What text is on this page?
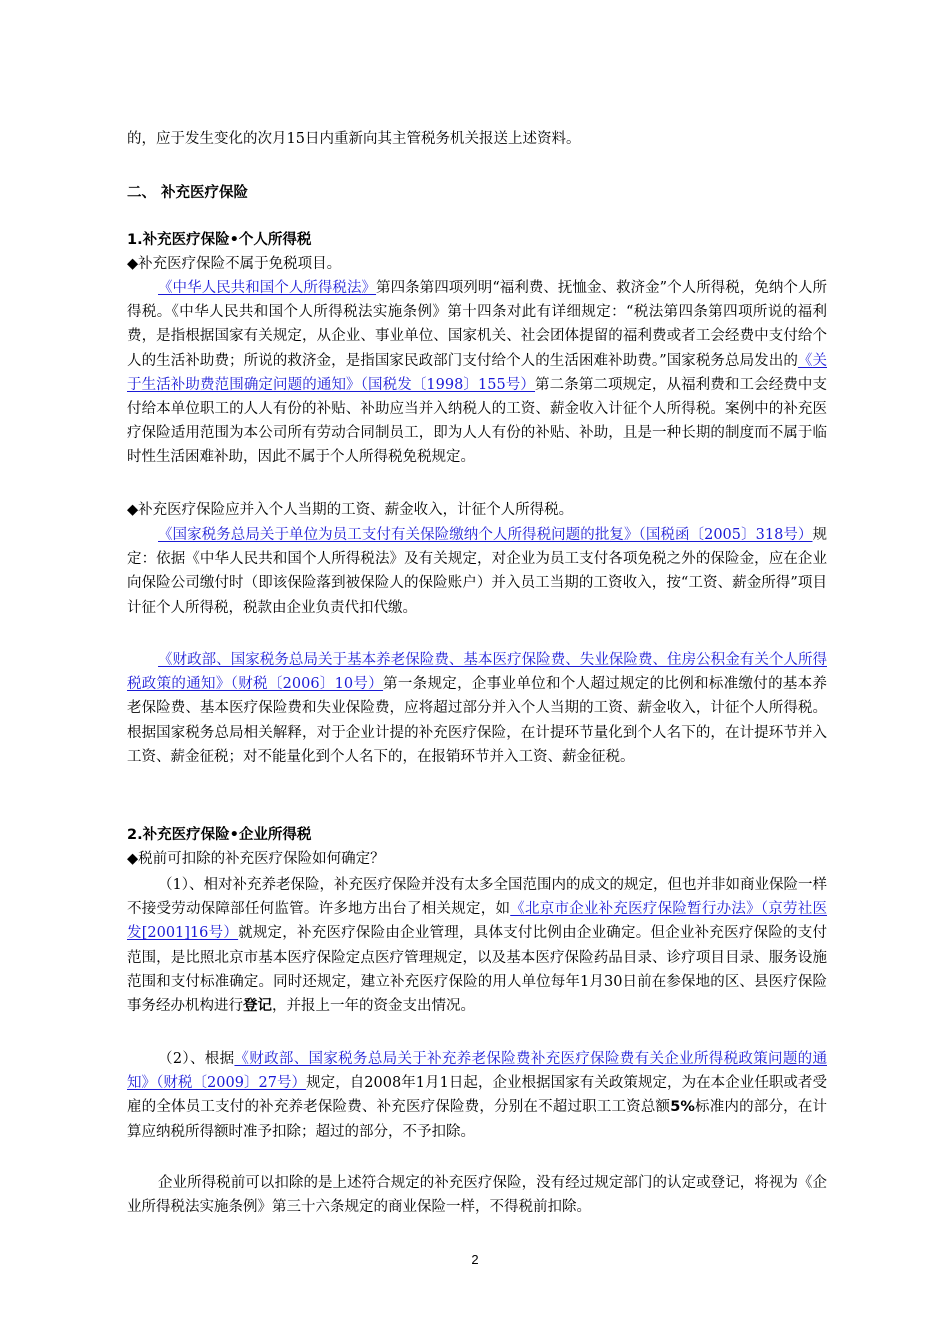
的，应于发生变化的次月15日内重新向其主管税务机关报送上述资料。

二、 补充医疗保险

1.补充医疗保险•个人所得税

◆补充医疗保险不属于免税项目。

《中华人民共和国个人所得税法》第四条第四项列明“福利费、抚恤金、救济金”个人所得税，免纳个人所得税。《中华人民共和国个人所得税法实施条例》第十四条对此有详细规定：“税法第四条第四项所说的福利费，是指根据国家有关规定，从企业、事业单位、国家机关、社会团体提留的福利费或者工会经费中支付给个人的生活补助费；所说的救济金，是指国家民政部门支付给个人的生活困难补助费。”国家税务总局发出的《关于生活补助费范围确定问题的通知》（国税发〔1998〕155号）第二条第二项规定，从福利费和工会经费中支付给本单位职工的人人有份的补贴、补助应当并入纳税人的工资、薪金收入计征个人所得税。案例中的补充医疗保险适用范围为本公司所有劳动合同制员工，即为人人有份的补贴、补助，且是一种长期的制度而不属于临时性生活困难补助，因此不属于个人所得税免税规定。

◆补充医疗保险应并入个人当期的工资、薪金收入，计征个人所得税。

《国家税务总局关于单位为员工支付有关保险缴纳个人所得税问题的批复》（国税函〔2005〕318号）规定：依据《中华人民共和国个人所得税法》及有关规定，对企业为员工支付各项免税之外的保险金，应在企业向保险公司缴付时（即该保险落到被保险人的保险账户）并入员工当期的工资收入，按“工资、薪金所得”项目计征个人所得税，税款由企业负责代扣代缴。

《财政部、国家税务总局关于基本养老保险费、基本医疗保险费、失业保险费、住房公积金有关个人所得税政策的通知》（财税〔2006〕10号）第一条规定，企事业单位和个人超过规定的比例和标准缴付的基本养老保险费、基本医疗保险费和失业保险费，应将超过部分并入个人当期的工资、薪金收入，计征个人所得税。根据国家税务总局相关解释，对于企业计提的补充医疗保险，在计提环节量化到个人名下的，在计提环节并入工资、薪金征税；对不能量化到个人名下的，在报销环节并入工资、薪金征税。

2.补充医疗保险•企业所得税

◆税前可扣除的补充医疗保险如何确定？

（1）、相对补充养老保险，补充医疗保险并没有太多全国范围内的成文的规定，但也并非如商业保险一样不接受劳动保障部任何监管。许多地方出台了相关规定，如《北京市企业补充医疗保险暂行办法》（京劳社医发[2001]16号）就规定，补充医疗保险由企业管理，具体支付比例由企业确定。但企业补充医疗保险的支付范围，是比照北京市基本医疗保险定点医疗管理规定，以及基本医疗保险药品目录、诊疗项目目录、服务设施范围和支付标准确定。同时还规定，建立补充医疗保险的用人单位每年1月30日前在参保地的区、县医疗保险事务经办机构进行登记，并报上一年的资金支出情况。

（2）、根据《财政部、国家税务总局关于补充养老保险费补充医疗保险费有关企业所得税政策问题的通知》（财税〔2009〕27号）规定，自2008年1月1日起，企业根据国家有关政策规定，为在本企业任职或者受雇的全体员工支付的补充养老保险费、补充医疗保险费，分别在不超过职工工资总额5%标准内的部分，在计算应纳税所得额时准予扣除；超过的部分，不予扣除。

企业所得税前可以扣除的是上述符合规定的补充医疗保险，没有经过规定部门的认定或登记，将视为《企业所得税法实施条例》第三十六条规定的商业保险一样，不得税前扣除。

2
